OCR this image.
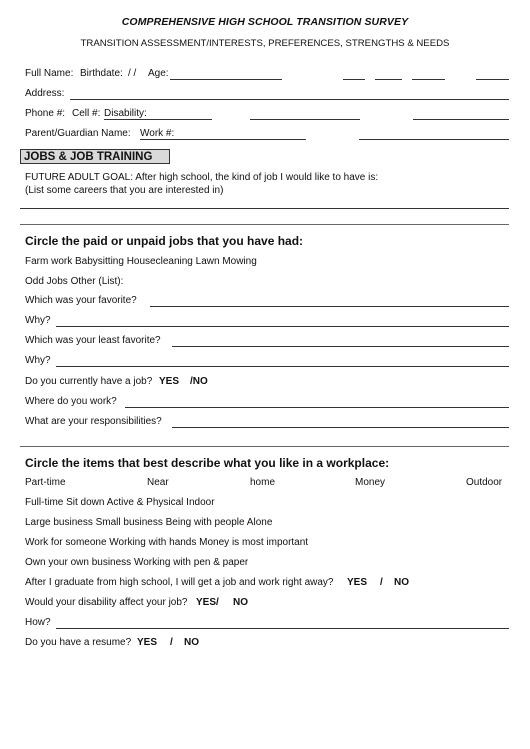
COMPREHENSIVE HIGH SCHOOL TRANSITION SURVEY
TRANSITION ASSESSMENT/INTERESTS, PREFERENCES, STRENGTHS & NEEDS
Full Name: Birthdate: / / Age:
Address:
Phone #: Cell #: Disability:
Parent/Guardian Name: Work #:
JOBS & JOB TRAINING
FUTURE ADULT GOAL: After high school, the kind of job I would like to have is:
(List some careers that you are interested in)
Circle the paid or unpaid jobs that you have had:
Farm work Babysitting Housecleaning Lawn Mowing
Odd Jobs Other (List):
Which was your favorite?
Why?
Which was your least favorite?
Why?
Do you currently have a job? YES /NO
Where do you work?
What are your responsibilities?
Circle the items that best describe what you like in a workplace:
Part-time	Near	home	Money	Outdoor
Full-time Sit down Active & Physical Indoor
Large business Small business Being with people Alone
Work for someone Working with hands Money is most important
Own your own business Working with pen & paper
After I graduate from high school, I will get a job and work right away? YES / NO
Would your disability affect your job? YES/ NO
How?
Do you have a resume? YES / NO
